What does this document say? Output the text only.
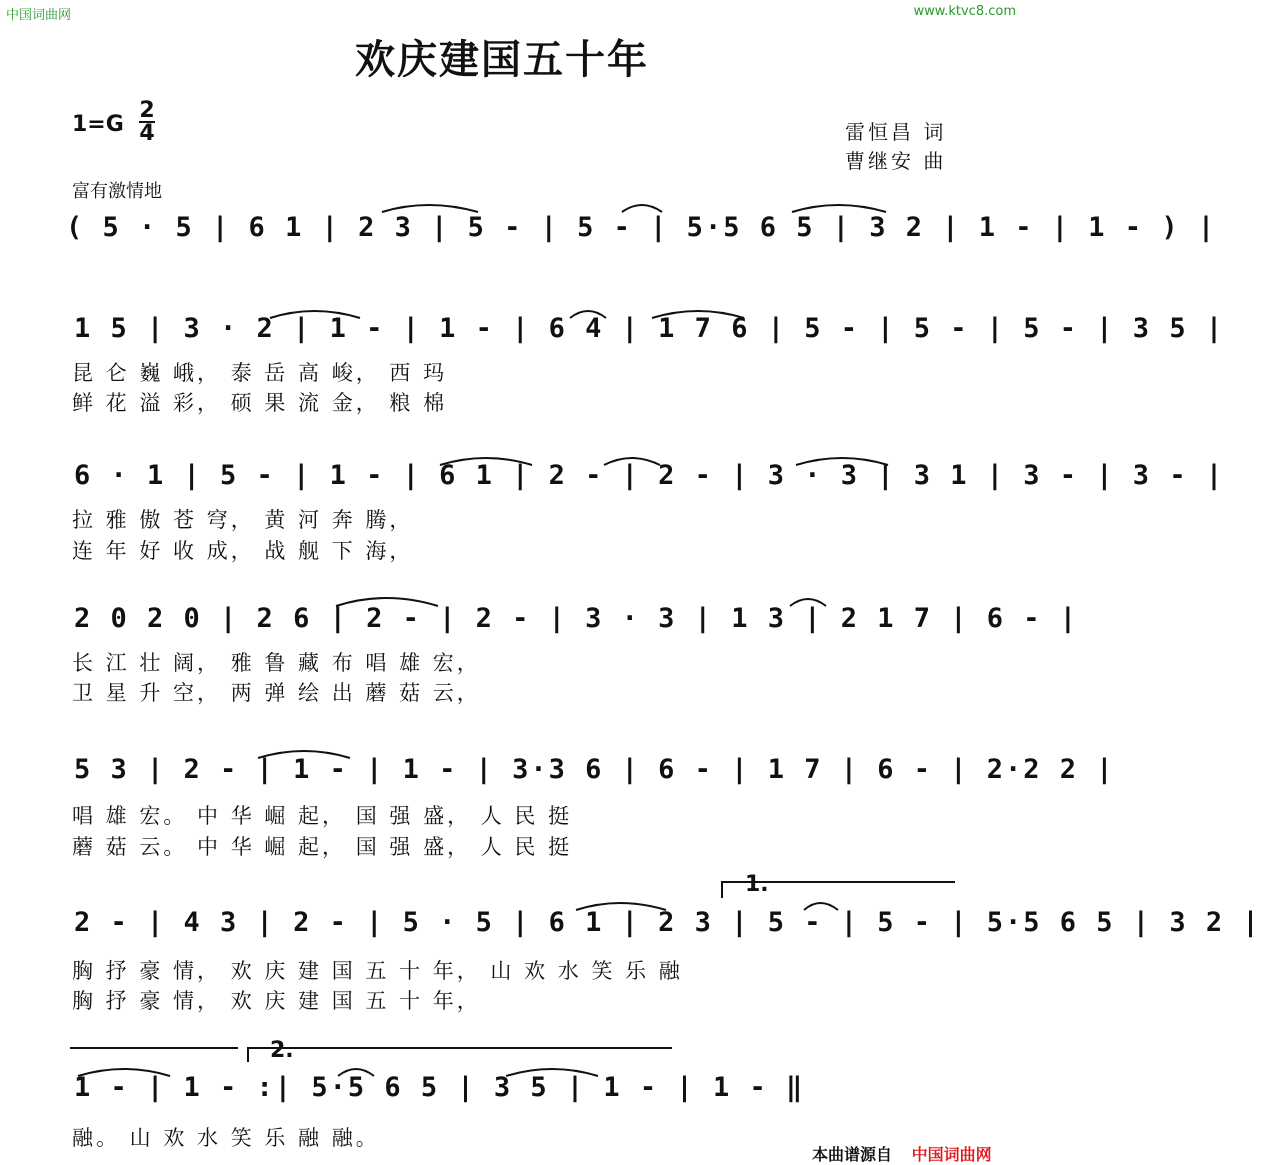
中国词曲网	www.ktvc8.com
欢庆建国五十年
1=G
2
4	雷恒昌 词
曹继安 曲
富有激情地
( 5 · 5 | 6 1 | 2 3 | 5 - | 5 - | 5·5 6 5 | 3 2 | 1 - | 1 - ) |
1 5 | 3 · 2 | 1 - | 1 - | 6 4 | 1 7 6 | 5 - | 5 - | 5 - | 3 5 |
昆 仑 巍 峨， 泰 岳 高 峻， 西 玛
鲜 花 溢 彩， 硕 果 流 金， 粮 棉
6 · 1 | 5 - | 1 - | 6 1 | 2 - | 2 - | 3 · 3 | 3 1 | 3 - | 3 - |
拉 雅 傲 苍 穹， 黄 河 奔 腾，
连 年 好 收 成， 战 舰 下 海，
2 0 2 0 | 2 6 | 2 - | 2 - | 3 · 3 | 1 3 | 2 1 7 | 6 - |
长 江 壮 阔， 雅 鲁 藏 布 唱 雄 宏，
卫 星 升 空， 两 弹 绘 出 蘑 菇 云，
5 3 | 2 - | 1 - | 1 - | 3·3 6 | 6 - | 1 7 | 6 - | 2·2 2 |
唱 雄 宏。 中 华 崛 起， 国 强 盛， 人 民 挺
蘑 菇 云。 中 华 崛 起， 国 强 盛， 人 民 挺
1.
2 - | 4 3 | 2 - | 5 · 5 | 6 1 | 2 3 | 5 - | 5 - | 5·5 6 5 | 3 2 |
胸 抒 豪 情， 欢 庆 建 国 五 十 年， 山 欢 水 笑 乐 融
胸 抒 豪 情， 欢 庆 建 国 五 十 年，
2.
1 - | 1 - :| 5·5 6 5 | 3 5 | 1 - | 1 - ‖
融。 山 欢 水 笑 乐 融 融。
本曲谱源自 中国词曲网
